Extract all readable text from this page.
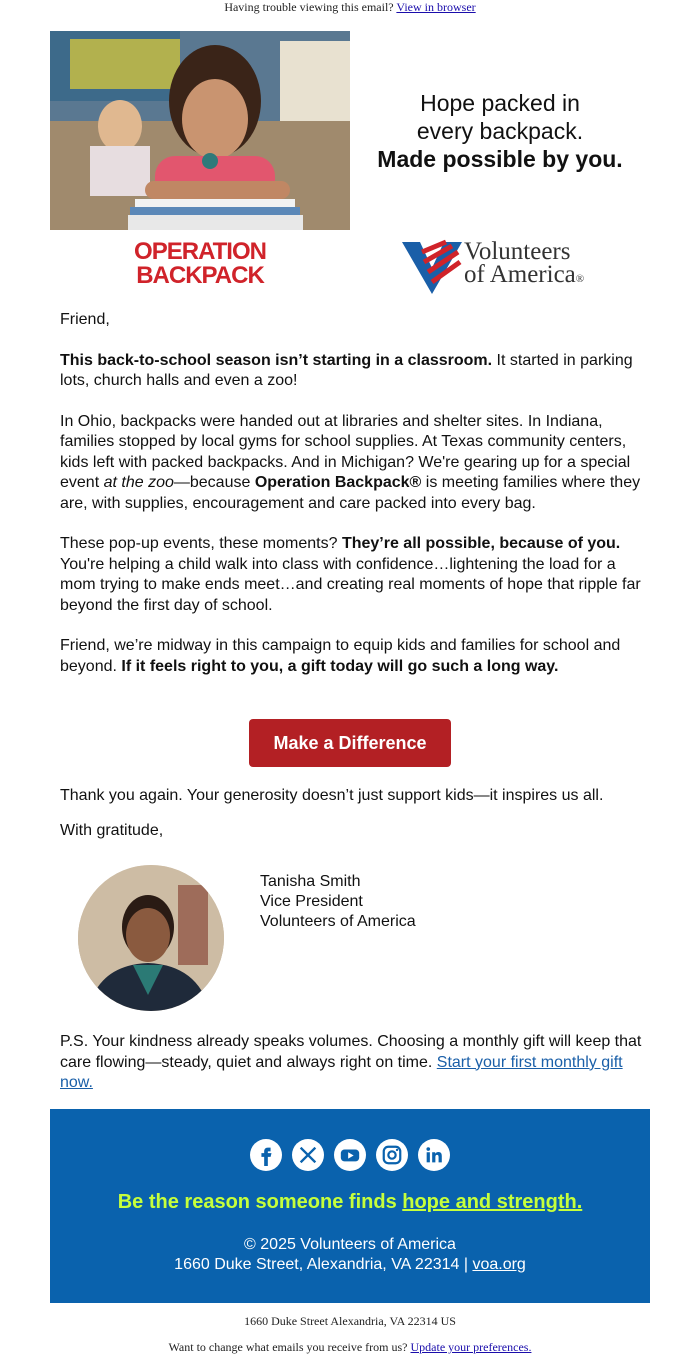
Having trouble viewing this email? View in browser
Hope packed in
every backpack.
Made possible by you.
OPERATION
BACKPACK
Volunteers
of America®

Friend,

This back-to-school season isn’t starting in a classroom. It started in parking lots, church halls and even a zoo!

In Ohio, backpacks were handed out at libraries and shelter sites. In Indiana, families stopped by local gyms for school supplies. At Texas community centers, kids left with packed backpacks. And in Michigan? We're gearing up for a special event at the zoo—because Operation Backpack® is meeting families where they are, with supplies, encouragement and care packed into every bag.

These pop-up events, these moments? They’re all possible, because of you. You're helping a child walk into class with confidence…lightening the load for a mom trying to make ends meet…and creating real moments of hope that ripple far beyond the first day of school.

Friend, we’re midway in this campaign to equip kids and families for school and beyond. If it feels right to you, a gift today will go such a long way.

Make a Difference

Thank you again. Your generosity doesn’t just support kids—it inspires us all.

With gratitude,

Tanisha Smith
Vice President
Volunteers of America
P.S. Your kindness already speaks volumes. Choosing a monthly gift will keep that care flowing—steady, quiet and always right on time. Start your first monthly gift now.
Be the reason someone finds hope and strength.
© 2025 Volunteers of America
1660 Duke Street, Alexandria, VA 22314 | voa.org

1660 Duke Street Alexandria, VA 22314 US

Want to change what emails you receive from us? Update your preferences.
